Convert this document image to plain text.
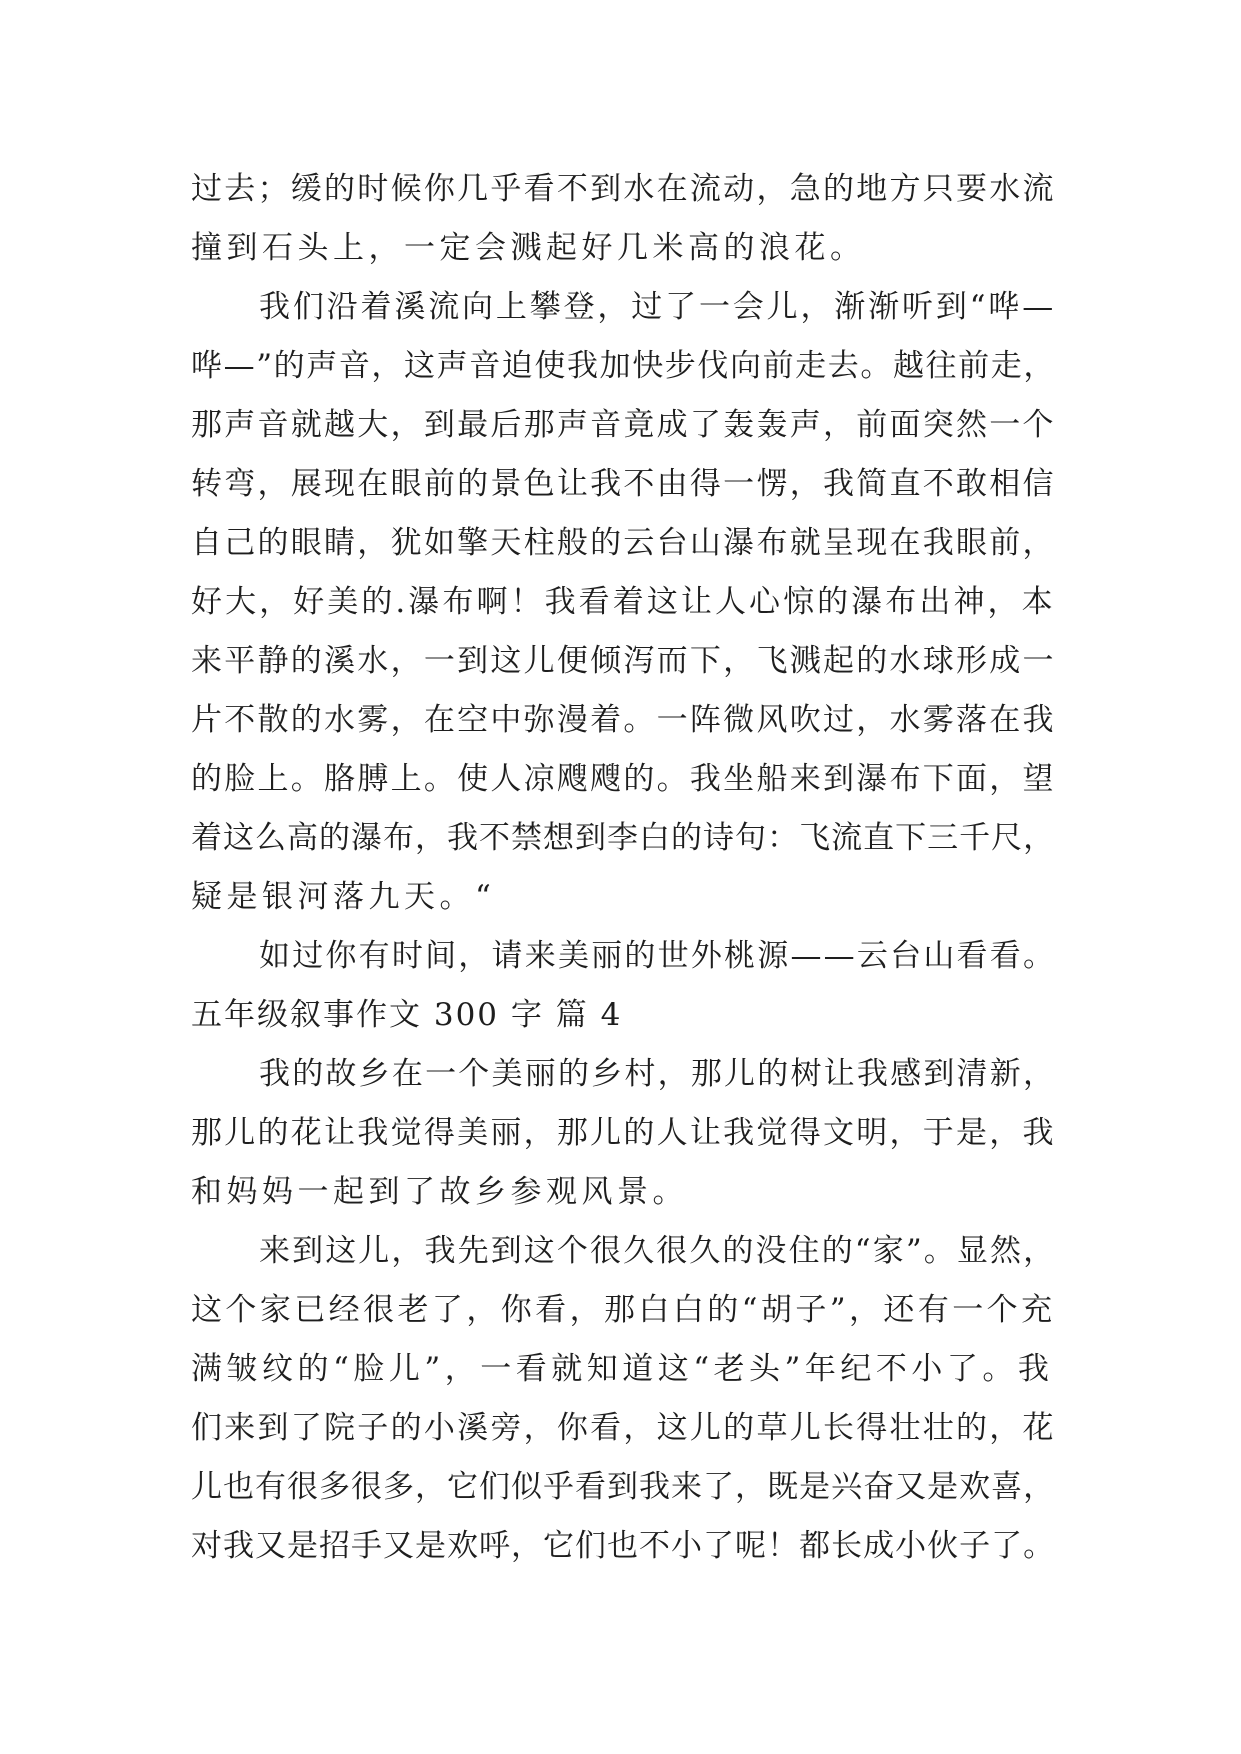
过去；缓的时候你几乎看不到水在流动，急的地方只要水流
撞到石头上，一定会溅起好几米高的浪花。
我们沿着溪流向上攀登，过了一会儿，渐渐听到“哗—
哗—”的声音，这声音迫使我加快步伐向前走去。越往前走，
那声音就越大，到最后那声音竟成了轰轰声，前面突然一个
转弯，展现在眼前的景色让我不由得一愣，我简直不敢相信
自己的眼睛，犹如擎天柱般的云台山瀑布就呈现在我眼前，
好大，好美的.瀑布啊！我看着这让人心惊的瀑布出神，本
来平静的溪水，一到这儿便倾泻而下，飞溅起的水球形成一
片不散的水雾，在空中弥漫着。一阵微风吹过，水雾落在我
的脸上。胳膊上。使人凉飕飕的。我坐船来到瀑布下面，望
着这么高的瀑布，我不禁想到李白的诗句：飞流直下三千尺，
疑是银河落九天。“
如过你有时间，请来美丽的世外桃源——云台山看看。
五年级叙事作文 300 字 篇 4
我的故乡在一个美丽的乡村，那儿的树让我感到清新，
那儿的花让我觉得美丽，那儿的人让我觉得文明，于是，我
和妈妈一起到了故乡参观风景。
来到这儿，我先到这个很久很久的没住的“家”。显然，
这个家已经很老了，你看，那白白的“胡子”，还有一个充
满皱纹的“脸儿”，一看就知道这“老头”年纪不小了。我
们来到了院子的小溪旁，你看，这儿的草儿长得壮壮的，花
儿也有很多很多，它们似乎看到我来了，既是兴奋又是欢喜，
对我又是招手又是欢呼，它们也不小了呢！都长成小伙子了。
